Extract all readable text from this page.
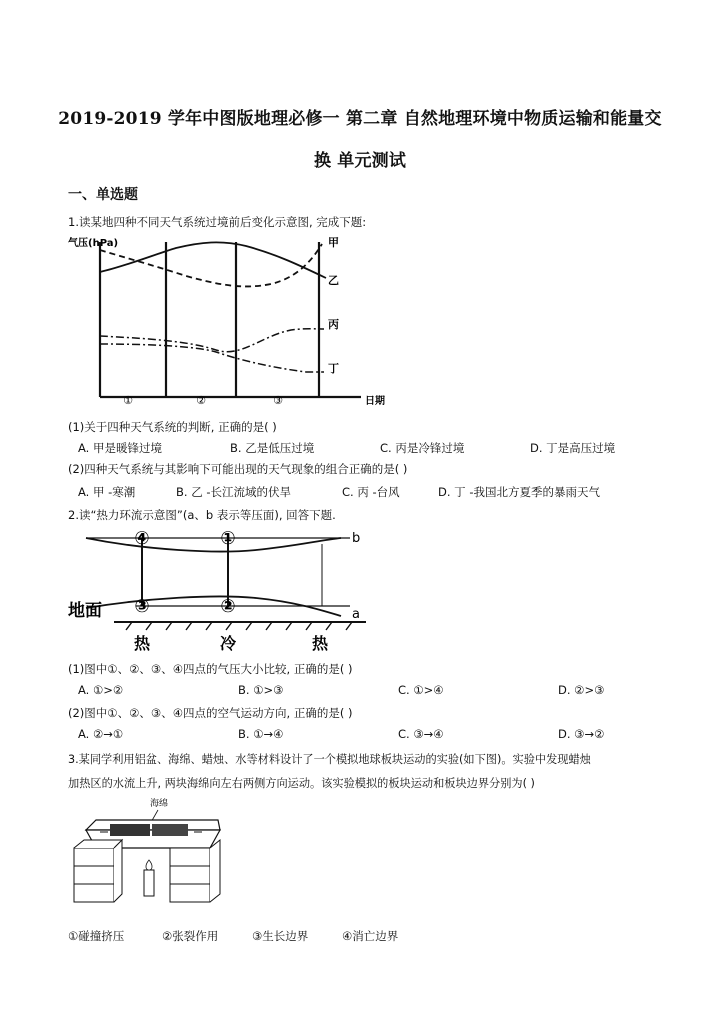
2019-2019 学年中图版地理必修一 第二章 自然地理环境中物质运输和能量交
换 单元测试
一、单选题
1.读某地四种不同天气系统过境前后变化示意图, 完成下题:
气压(hPa)	甲
乙
丙
丁
①	②	③	日期
(1)关于四种天气系统的判断, 正确的是( )
A. 甲是暖锋过境	B. 乙是低压过境	C. 丙是冷锋过境	D. 丁是高压过境
(2)四种天气系统与其影响下可能出现的天气现象的组合正确的是( )
A. 甲 -寒潮	B. 乙 -长江流域的伏旱	C. 丙 -台风	D. 丁 -我国北方夏季的暴雨天气
2.读“热力环流示意图”(a、b 表示等压面), 回答下题.
b
a
地面
热	冷	热
④	①
③	②
(1)图中①、②、③、④四点的气压大小比较, 正确的是( )
A. ①>②	B. ①>③	C. ①>④	D. ②>③
(2)图中①、②、③、④四点的空气运动方向, 正确的是( )
A. ②→①	B. ①→④	C. ③→④	D. ③→②
3.某同学利用铝盆、海绵、蜡烛、水等材料设计了一个模拟地球板块运动的实验(如下图)。实验中发现蜡烛
加热区的水流上升, 两块海绵向左右两侧方向运动。该实验模拟的板块运动和板块边界分别为( )
海绵
①碰撞挤压	②张裂作用	③生长边界	④消亡边界
